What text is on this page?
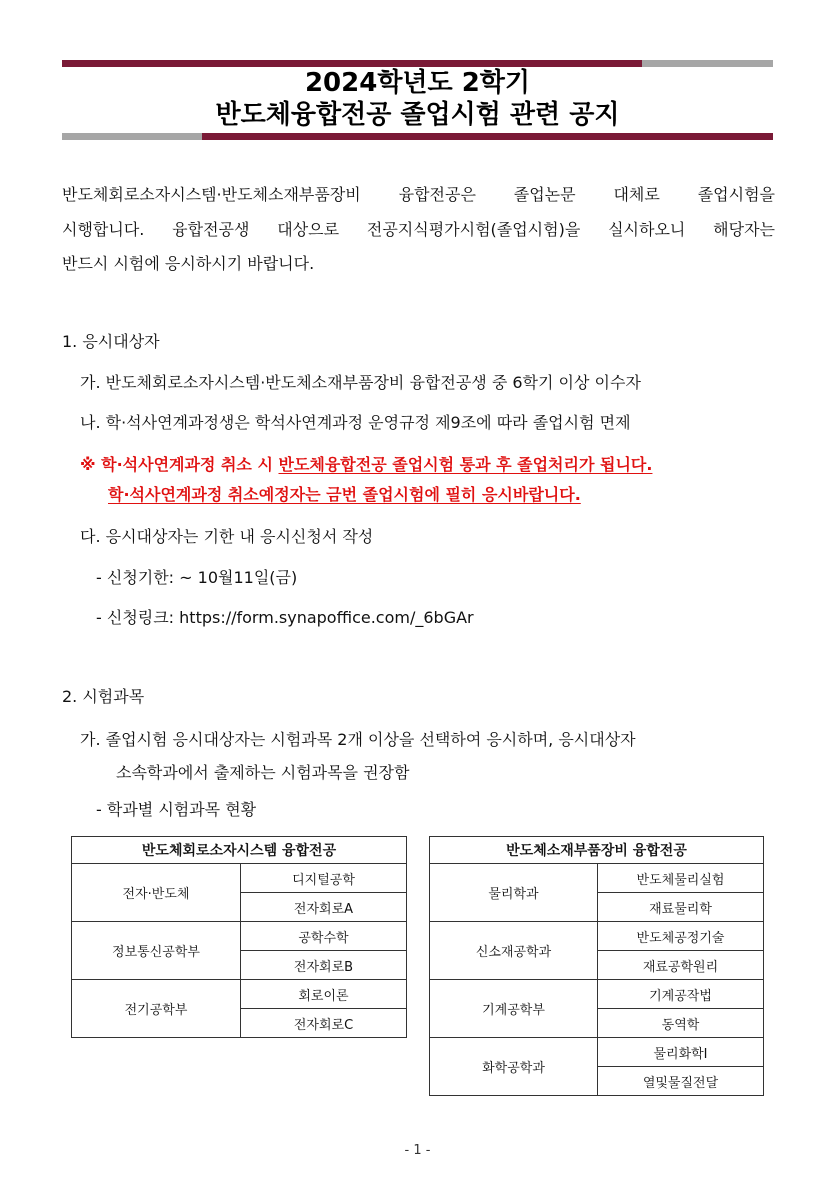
2024학년도 2학기
반도체융합전공 졸업시험 관련 공지
반도체회로소자시스템·반도체소재부품장비 융합전공은 졸업논문 대체로 졸업시험을
시행합니다. 융합전공생 대상으로 전공지식평가시험(졸업시험)을 실시하오니 해당자는
반드시 시험에 응시하시기 바랍니다.
1. 응시대상자
가. 반도체회로소자시스템·반도체소재부품장비 융합전공생 중 6학기 이상 이수자
나. 학·석사연계과정생은 학석사연계과정 운영규정 제9조에 따라 졸업시험 면제
※ 학·석사연계과정 취소 시 반도체융합전공 졸업시험 통과 후 졸업처리가 됩니다.
학·석사연계과정 취소예정자는 금번 졸업시험에 필히 응시바랍니다.
다. 응시대상자는 기한 내 응시신청서 작성
- 신청기한: ~ 10월11일(금)
- 신청링크: https://form.synapoffice.com/_6bGAr
2. 시험과목
가. 졸업시험 응시대상자는 시험과목 2개 이상을 선택하여 응시하며, 응시대상자
소속학과에서 출제하는 시험과목을 권장함
- 학과별 시험과목 현황
반도체회로소자시스템 융합전공	
전자·반도체	디지털공학
	전자회로A
정보통신공학부	공학수학
	전자회로B
전기공학부	회로이론
	전자회로C
반도체소재부품장비 융합전공	
물리학과	반도체물리실험
	재료물리학
신소재공학과	반도체공정기술
	재료공학원리
기계공학부	기계공작법
	동역학
화학공학과	물리화학Ⅰ
	열및물질전달
- 1 -
